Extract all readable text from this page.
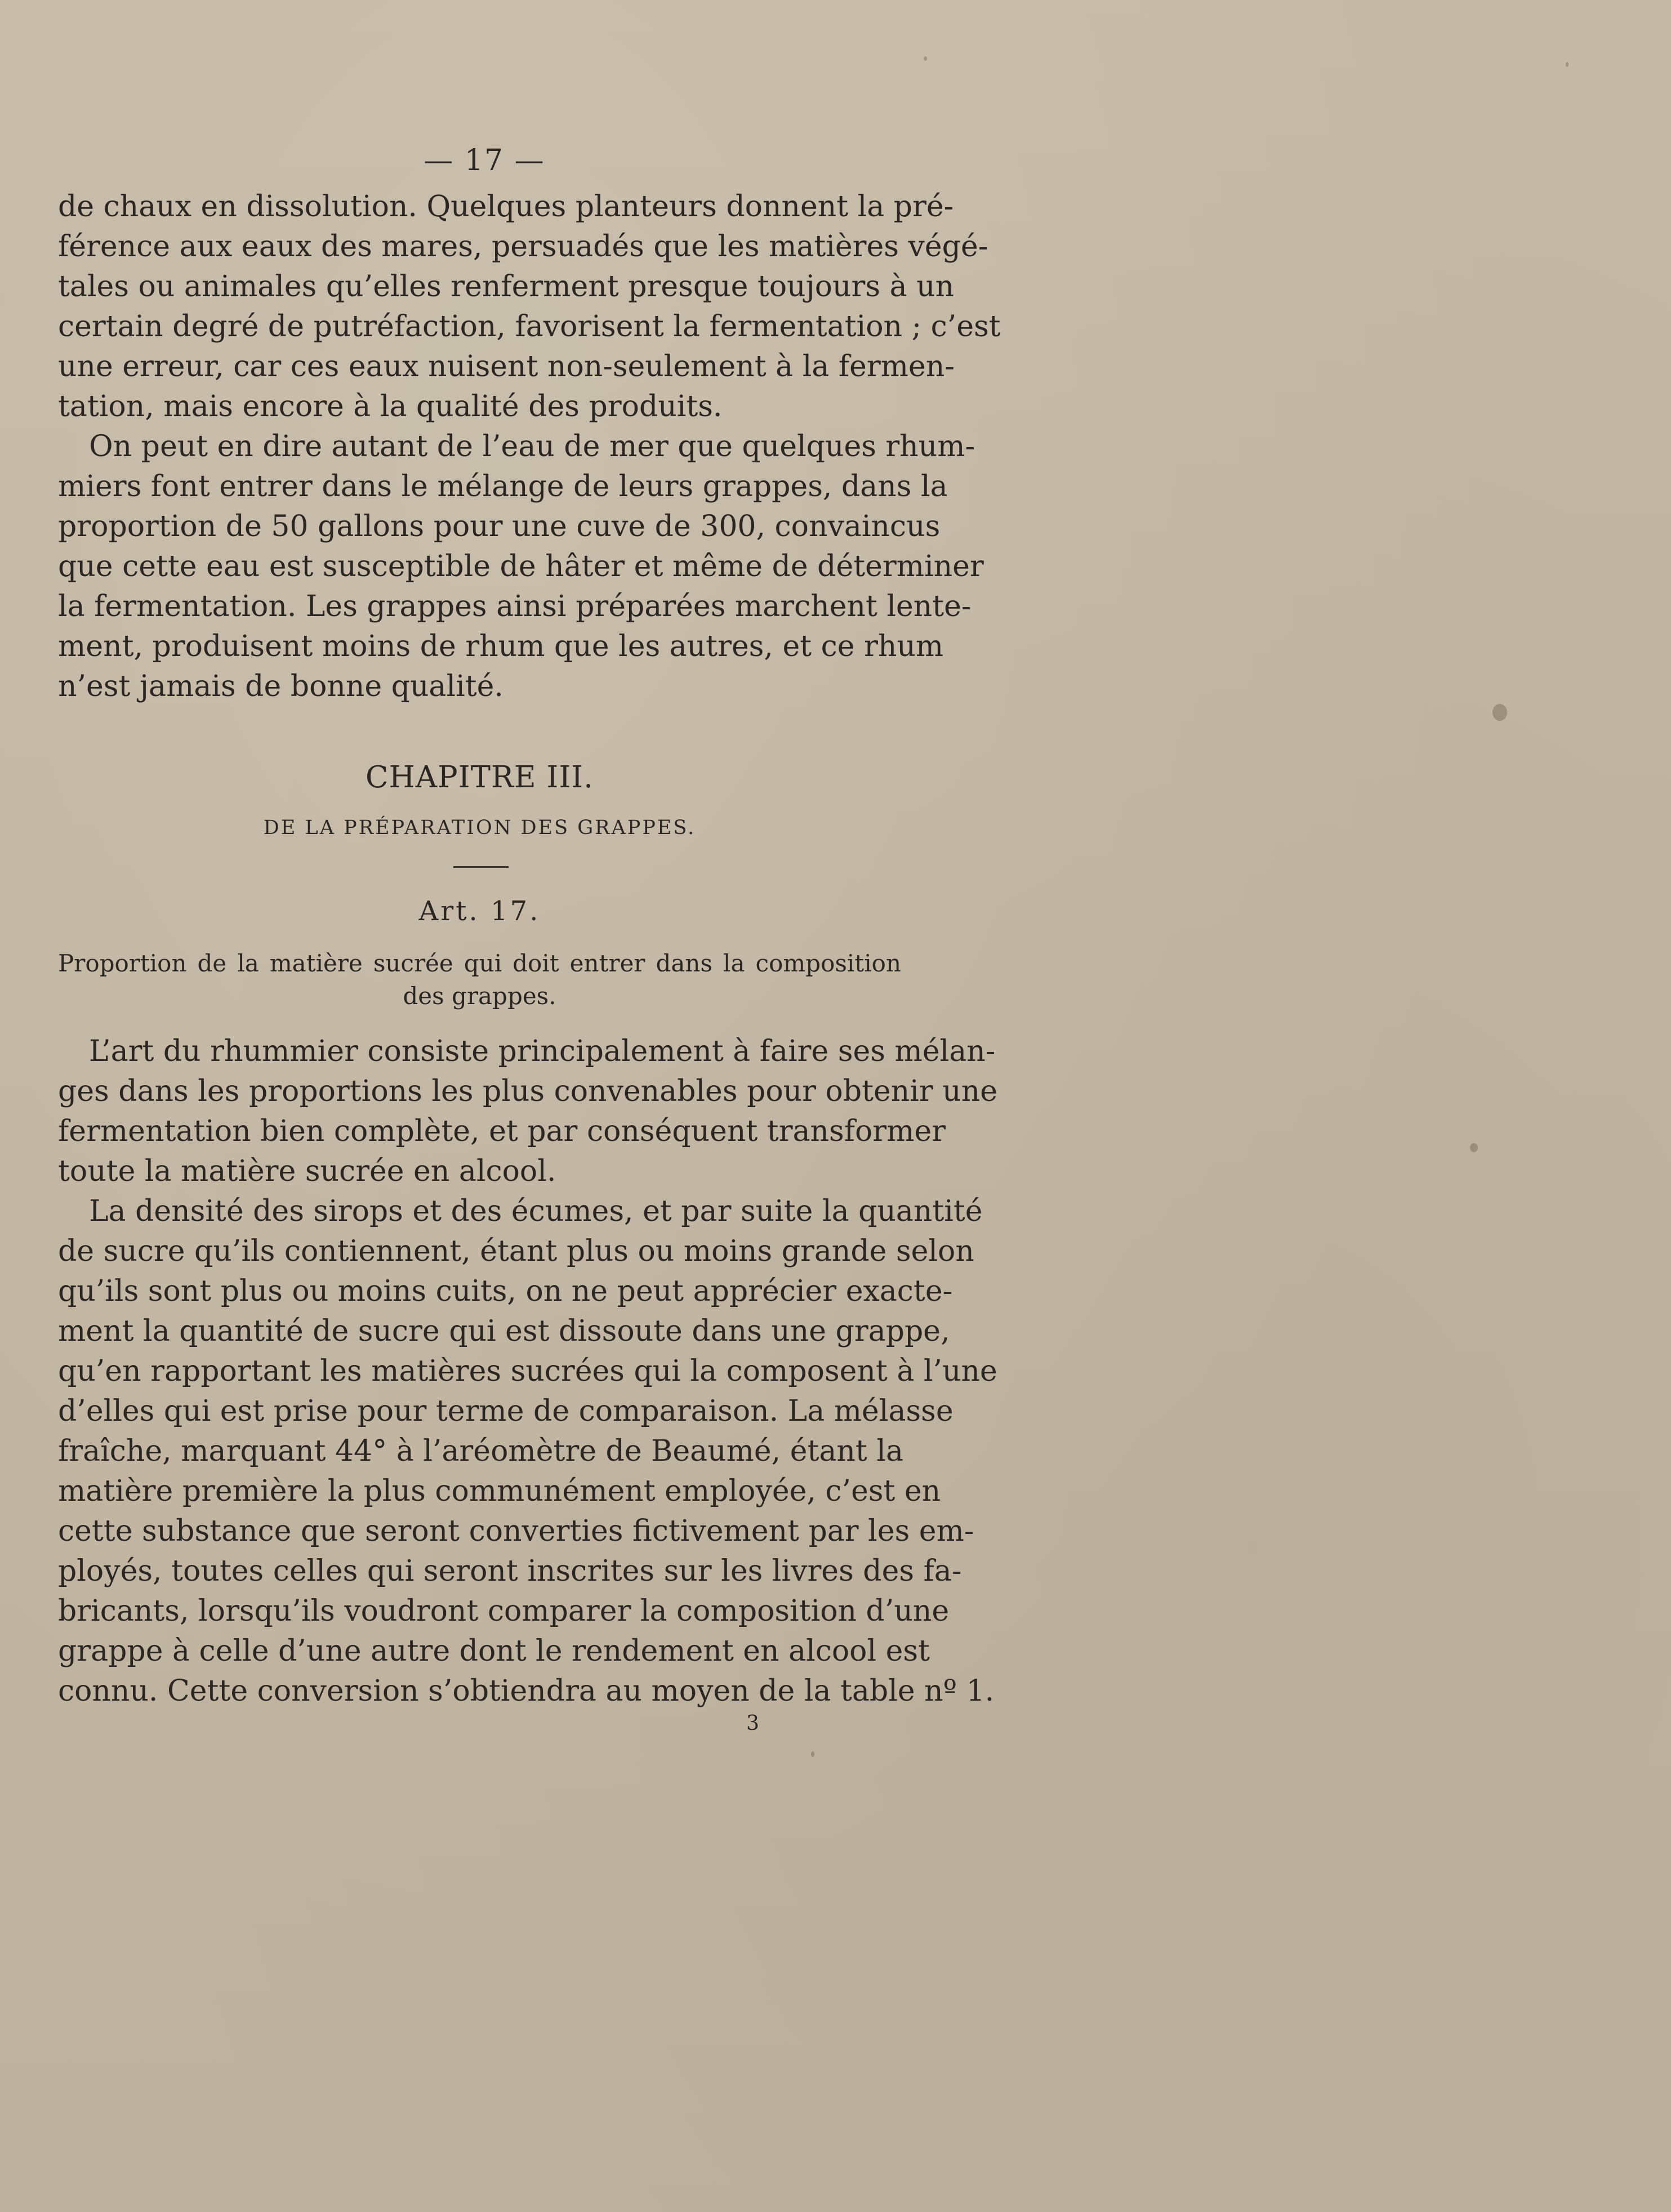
— 17 —
de chaux en dissolution. Quelques planteurs donnent la pré-
férence aux eaux des mares, persuadés que les matières végé-
tales ou animales qu’elles renferment presque toujours à un
certain degré de putréfaction, favorisent la fermentation ; c’est
une erreur, car ces eaux nuisent non-seulement à la fermen-
tation, mais encore à la qualité des produits.
On peut en dire autant de l’eau de mer que quelques rhum-
miers font entrer dans le mélange de leurs grappes, dans la
proportion de 50 gallons pour une cuve de 300, convaincus
que cette eau est susceptible de hâter et même de déterminer
la fermentation. Les grappes ainsi préparées marchent lente-
ment, produisent moins de rhum que les autres, et ce rhum
n’est jamais de bonne qualité.
CHAPITRE III.
DE LA PRÉPARATION DES GRAPPES.
Art. 17.
Proportion de la matière sucrée qui doit entrer dans la composition
des grappes.
L’art du rhummier consiste principalement à faire ses mélan-
ges dans les proportions les plus convenables pour obtenir une
fermentation bien complète, et par conséquent transformer
toute la matière sucrée en alcool.
La densité des sirops et des écumes, et par suite la quantité
de sucre qu’ils contiennent, étant plus ou moins grande selon
qu’ils sont plus ou moins cuits, on ne peut apprécier exacte-
ment la quantité de sucre qui est dissoute dans une grappe,
qu’en rapportant les matières sucrées qui la composent à l’une
d’elles qui est prise pour terme de comparaison. La mélasse
fraîche, marquant 44° à l’aréomètre de Beaumé, étant la
matière première la plus communément employée, c’est en
cette substance que seront converties fictivement par les em-
ployés, toutes celles qui seront inscrites sur les livres des fa-
bricants, lorsqu’ils voudront comparer la composition d’une
grappe à celle d’une autre dont le rendement en alcool est
connu. Cette conversion s’obtiendra au moyen de la table nº 1.
3
